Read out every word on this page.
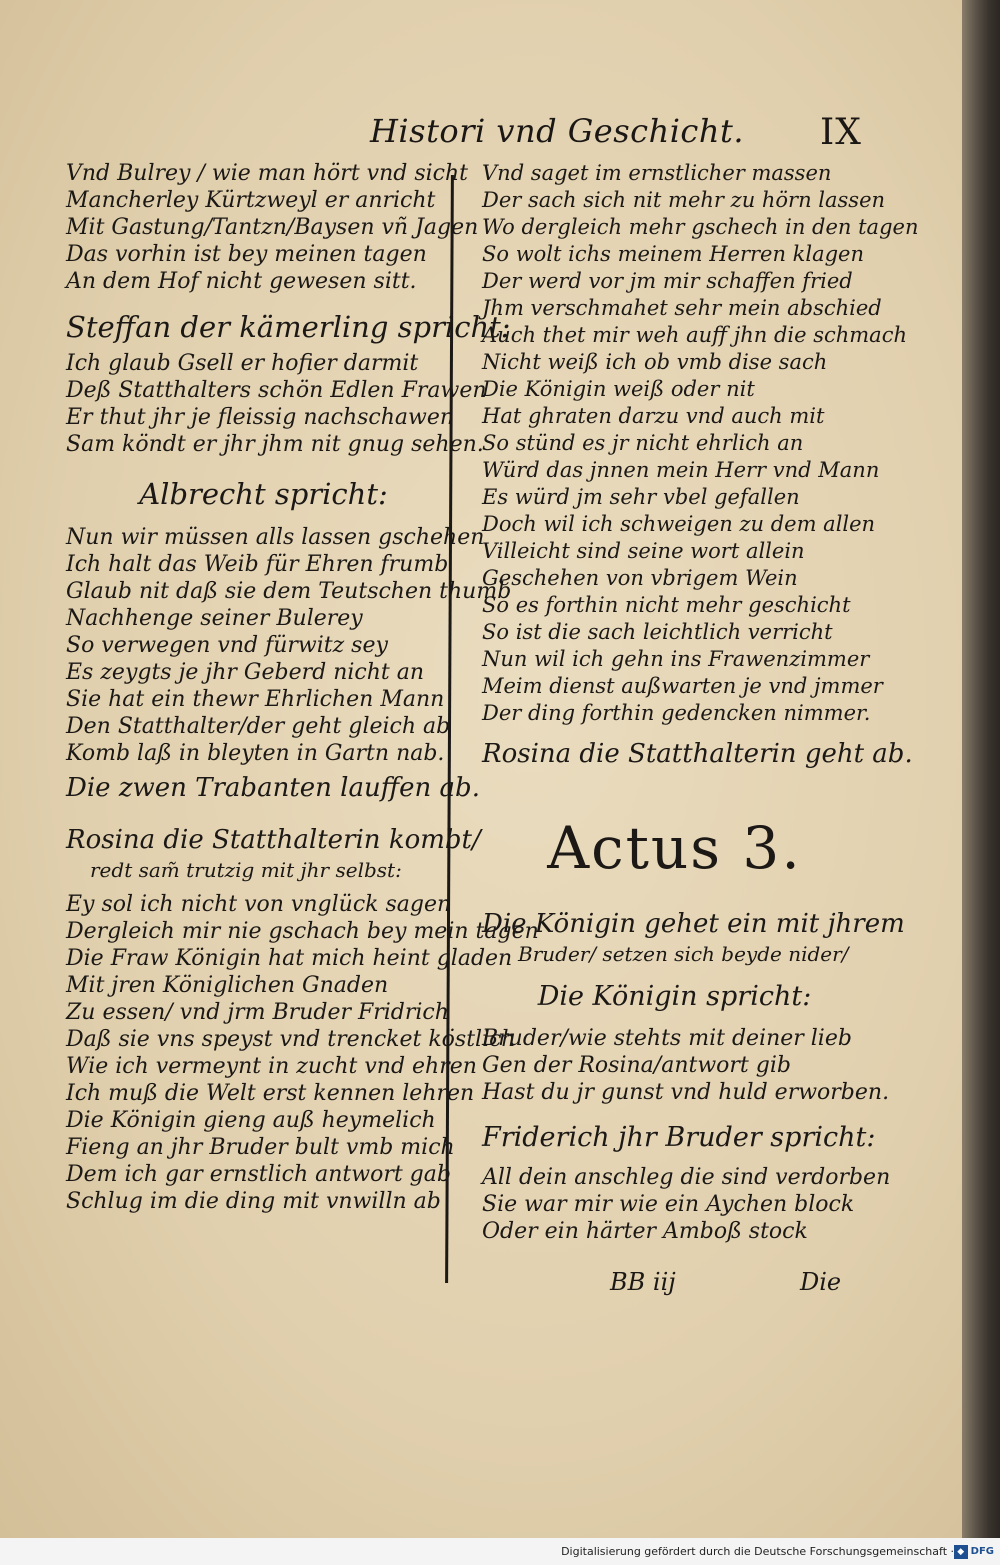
Histori vnd Geschicht. IX
Vnd Bulrey / wie man hört vnd sicht
Mancherley Kürtzweyl er anricht
Mit Gastung/Tantzn/Baysen vñ Jagen
Das vorhin ist bey meinen tagen
An dem Hof nicht gewesen sitt.
Steffan der kämerling spricht:
Ich glaub Gsell er hofier darmit
Deß Statthalters schön Edlen Frawen
Er thut jhr je fleissig nachschawen
Sam köndt er jhr jhm nit gnug sehen.
Albrecht spricht:
Nun wir müssen alls lassen gschehen
Ich halt das Weib für Ehren frumb
Glaub nit daß sie dem Teutschen thumb
Nachhenge seiner Bulerey
So verwegen vnd fürwitz sey
Es zeygts je jhr Geberd nicht an
Sie hat ein thewr Ehrlichen Mann
Den Statthalter/der geht gleich ab
Komb laß in bleyten in Gartn nab.
Die zwen Trabanten lauffen ab.
Rosina die Statthalterin kombt/
redt sam̃ trutzig mit jhr selbst:
Ey sol ich nicht von vnglück sagen
Dergleich mir nie gschach bey mein tagen
Die Fraw Königin hat mich heint gladen
Mit jren Königlichen Gnaden
Zu essen/ vnd jrm Bruder Fridrich
Daß sie vns speyst vnd trencket köstlich
Wie ich vermeynt in zucht vnd ehren
Ich muß die Welt erst kennen lehren
Die Königin gieng auß heymelich
Fieng an jhr Bruder bult vmb mich
Dem ich gar ernstlich antwort gab
Schlug im die ding mit vnwilln ab
Vnd saget im ernstlicher massen
Der sach sich nit mehr zu hörn lassen
Wo dergleich mehr gschech in den tagen
So wolt ichs meinem Herren klagen
Der werd vor jm mir schaffen fried
Jhm verschmahet sehr mein abschied
Auch thet mir weh auff jhn die schmach
Nicht weiß ich ob vmb dise sach
Die Königin weiß oder nit
Hat ghraten darzu vnd auch mit
So stünd es jr nicht ehrlich an
Würd das jnnen mein Herr vnd Mann
Es würd jm sehr vbel gefallen
Doch wil ich schweigen zu dem allen
Villeicht sind seine wort allein
Geschehen von vbrigem Wein
So es forthin nicht mehr geschicht
So ist die sach leichtlich verricht
Nun wil ich gehn ins Frawenzimmer
Meim dienst außwarten je vnd jmmer
Der ding forthin gedencken nimmer.
Rosina die Statthalterin geht ab.
Actus 3.
Die Königin gehet ein mit jhrem
Bruder/ setzen sich beyde nider/
Die Königin spricht:
Bruder/wie stehts mit deiner lieb
Gen der Rosina/antwort gib
Hast du jr gunst vnd huld erworben.
Friderich jhr Bruder spricht:
All dein anschleg die sind verdorben
Sie war mir wie ein Aychen block
Oder ein härter Amboß stock
BB iij	Die
Digitalisierung gefördert durch die Deutsche Forschungsgemeinschaft · ◆ DFG
